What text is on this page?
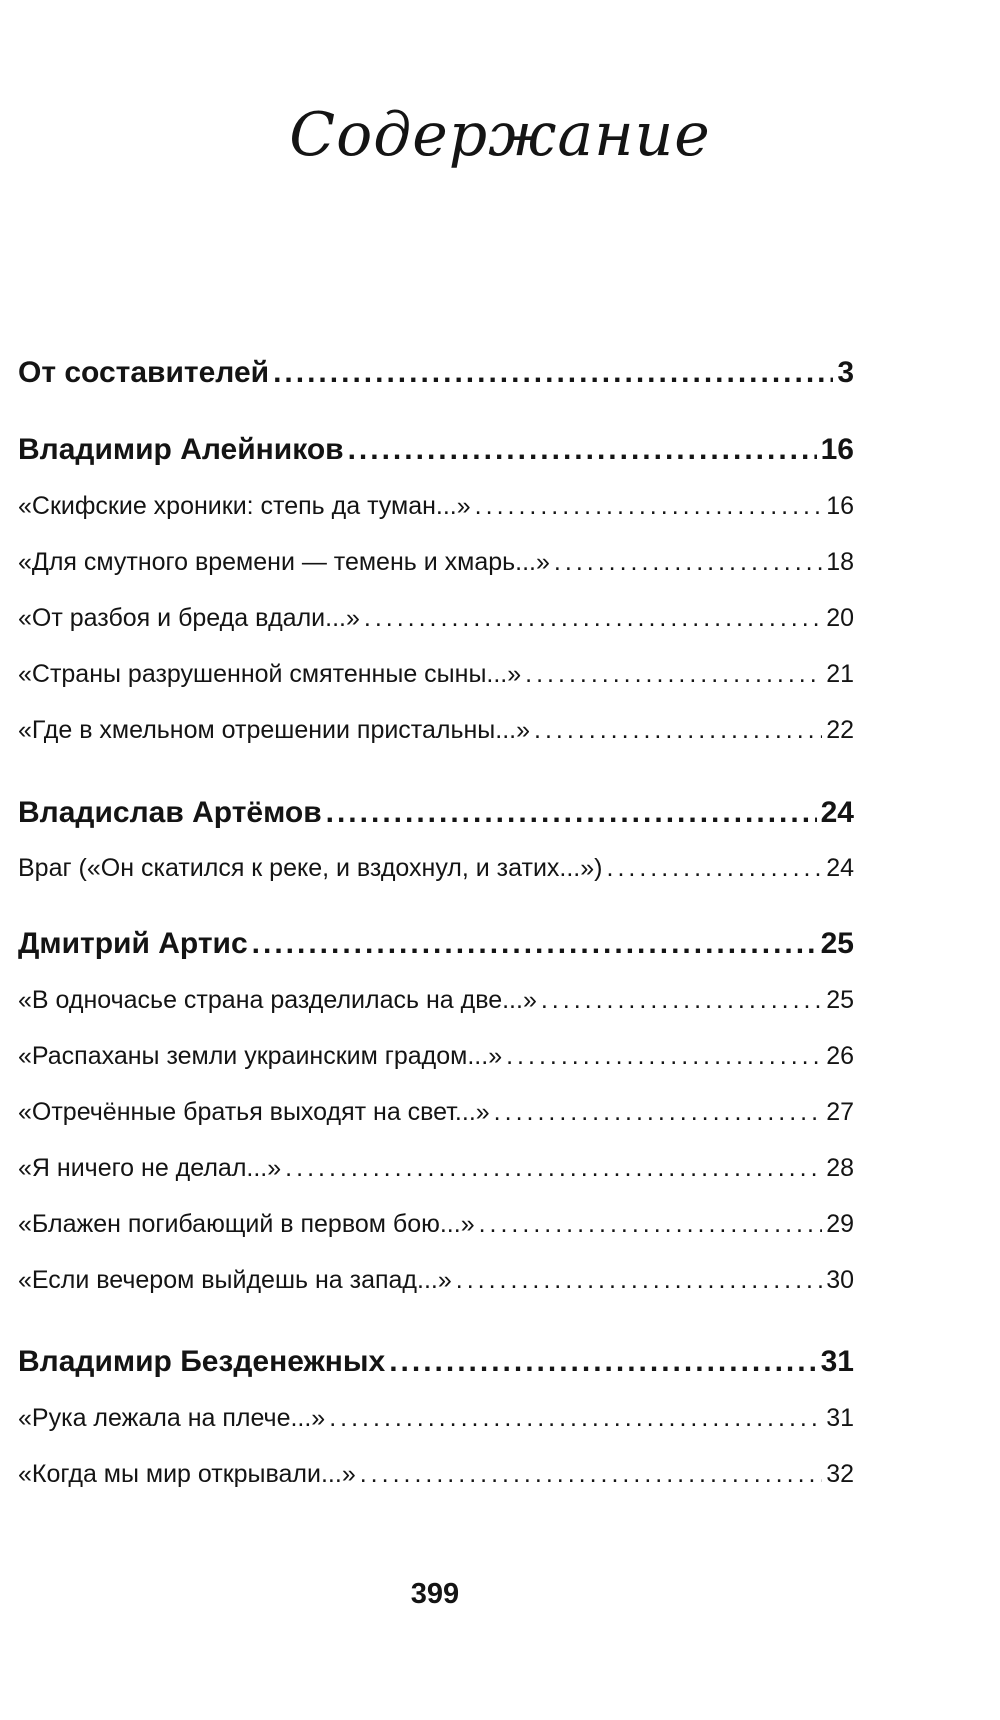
Содержание
От составителей .....	3
Владимир Алейников .....	16
«Скифские хроники: степь да туман...» .....	16
«Для смутного времени — темень и хмарь...» .....	18
«От разбоя и бреда вдали...» .....	20
«Страны разрушенной смятенные сыны...» .....	21
«Где в хмельном отрешении пристальны...» .....	22
Владислав Артёмов .....	24
Враг («Он скатился к реке, и вздохнул, и затих...») .....	24
Дмитрий Артис .....	25
«В одночасье страна разделилась на две...» .....	25
«Распаханы земли украинским градом...» .....	26
«Отречённые братья выходят на свет...» .....	27
«Я ничего не делал...» .....	28
«Блажен погибающий в первом бою...» .....	29
«Если вечером выйдешь на запад...» .....	30
Владимир Безденежных .....	31
«Рука лежала на плече...» .....	31
«Когда мы мир открывали...» .....	32
399
